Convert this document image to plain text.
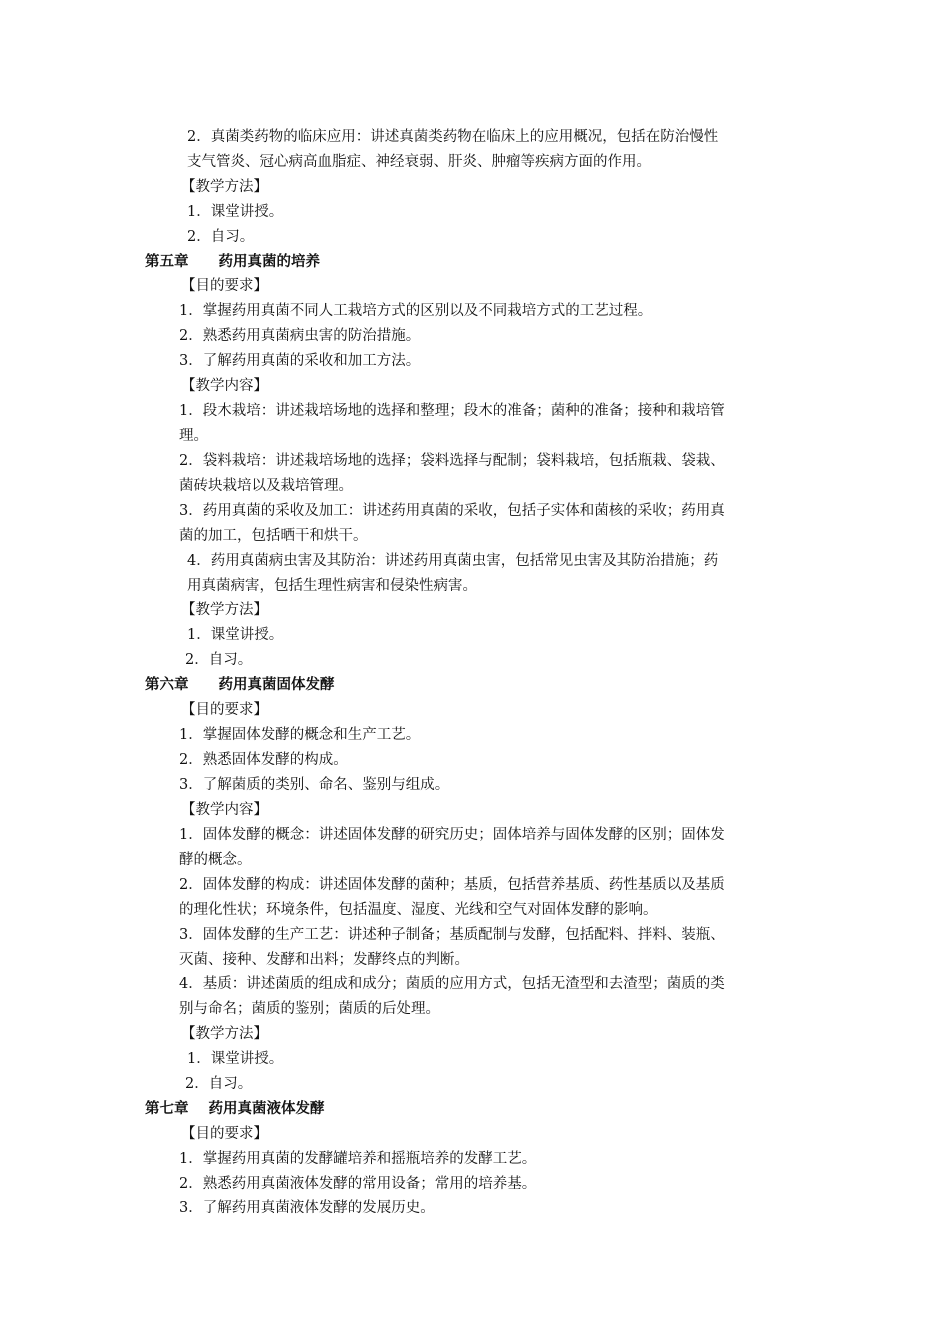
2．真菌类药物的临床应用：讲述真菌类药物在临床上的应用概况，包括在防治慢性
支气管炎、冠心病高血脂症、神经衰弱、肝炎、肿瘤等疾病方面的作用。
【教学方法】
1．课堂讲授。
2．自习。
第五章 药用真菌的培养
【目的要求】
1．掌握药用真菌不同人工栽培方式的区别以及不同栽培方式的工艺过程。
2．熟悉药用真菌病虫害的防治措施。
3．了解药用真菌的采收和加工方法。
【教学内容】
1．段木栽培：讲述栽培场地的选择和整理；段木的准备；菌种的准备；接种和栽培管
理。
2．袋料栽培：讲述栽培场地的选择；袋料选择与配制；袋料栽培，包括瓶栽、袋栽、
菌砖块栽培以及栽培管理。
3．药用真菌的采收及加工：讲述药用真菌的采收，包括子实体和菌核的采收；药用真
菌的加工，包括晒干和烘干。
4．药用真菌病虫害及其防治：讲述药用真菌虫害，包括常见虫害及其防治措施；药
用真菌病害，包括生理性病害和侵染性病害。
【教学方法】
1．课堂讲授。
2．自习。
第六章 药用真菌固体发酵
【目的要求】
1．掌握固体发酵的概念和生产工艺。
2．熟悉固体发酵的构成。
3．了解菌质的类别、命名、鉴别与组成。
【教学内容】
1．固体发酵的概念：讲述固体发酵的研究历史；固体培养与固体发酵的区别；固体发
酵的概念。
2．固体发酵的构成：讲述固体发酵的菌种；基质，包括营养基质、药性基质以及基质
的理化性状；环境条件，包括温度、湿度、光线和空气对固体发酵的影响。
3．固体发酵的生产工艺：讲述种子制备；基质配制与发酵，包括配料、拌料、装瓶、
灭菌、接种、发酵和出料；发酵终点的判断。
4．基质：讲述菌质的组成和成分；菌质的应用方式，包括无渣型和去渣型；菌质的类
别与命名；菌质的鉴别；菌质的后处理。
【教学方法】
1．课堂讲授。
2．自习。
第七章 药用真菌液体发酵
【目的要求】
1．掌握药用真菌的发酵罐培养和摇瓶培养的发酵工艺。
2．熟悉药用真菌液体发酵的常用设备；常用的培养基。
3．了解药用真菌液体发酵的发展历史。
